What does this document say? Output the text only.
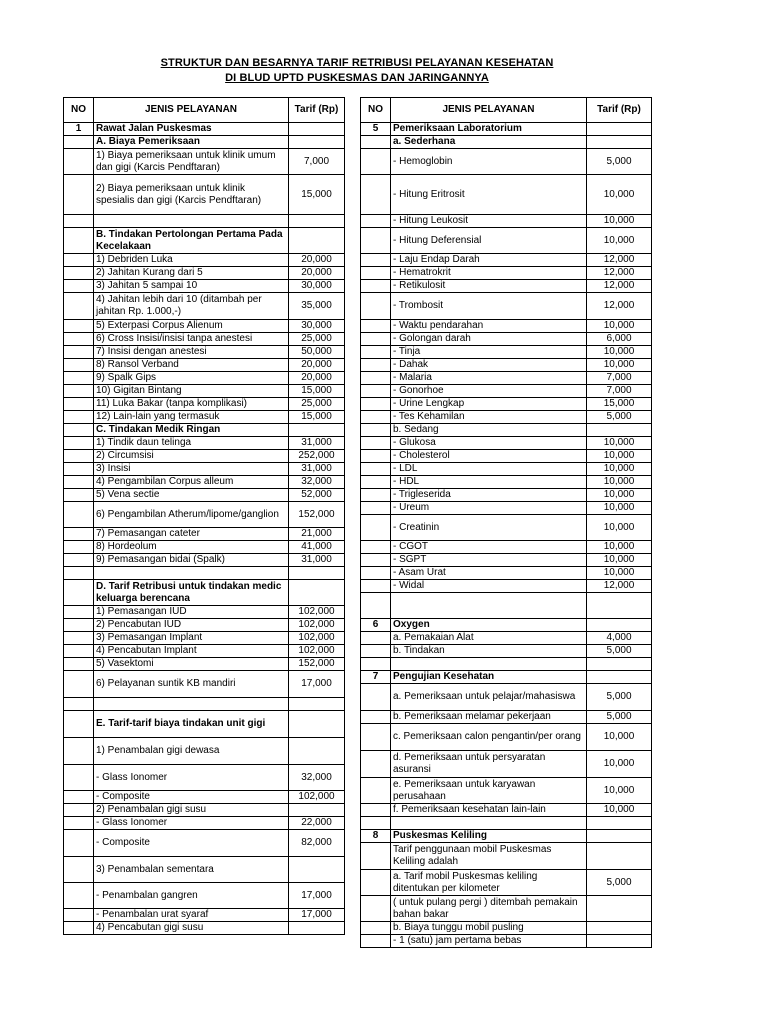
STRUKTUR DAN BESARNYA TARIF RETRIBUSI PELAYANAN KESEHATAN
DI BLUD UPTD PUSKESMAS DAN JARINGANNYA
NO	JENIS PELAYANAN	Tarif (Rp)
1	Rawat Jalan Puskesmas	
	A. Biaya Pemeriksaan	
	1) Biaya pemeriksaan untuk klinik umum dan gigi (Karcis Pendftaran)	7,000
	2) Biaya pemeriksaan untuk klinik spesialis dan gigi (Karcis Pendftaran)	15,000

	B. Tindakan Pertolongan Pertama Pada Kecelakaan	
	1) Debriden Luka	20,000
	2) Jahitan Kurang dari 5	20,000
	3) Jahitan 5 sampai 10	30,000
	4) Jahitan lebih dari 10 (ditambah per jahitan Rp. 1.000,-)	35,000
	5) Exterpasi Corpus Alienum	30,000
	6) Cross Insisi/insisi tanpa anestesi	25,000
	7) Insisi dengan anestesi	50,000
	8) Ransol Verband	20,000
	9) Spalk Gips	20,000
	10) Gigitan Bintang	15,000
	11) Luka Bakar (tanpa komplikasi)	25,000
	12) Lain-lain yang termasuk	15,000
	C. Tindakan Medik Ringan	
	1) Tindik daun telinga	31,000
	2) Circumsisi	252,000
	3) Insisi	31,000
	4) Pengambilan Corpus alleum	32,000
	5) Vena sectie	52,000
	6) Pengambilan Atherum/lipome/ganglion	152,000
	7) Pemasangan cateter	21,000
	8) Hordeolum	41,000
	9) Pemasangan bidai (Spalk)	31,000

	D. Tarif Retribusi untuk tindakan medic keluarga berencana	
	1) Pemasangan IUD	102,000
	2) Pencabutan IUD	102,000
	3) Pemasangan Implant	102,000
	4) Pencabutan Implant	102,000
	5) Vasektomi	152,000
	6) Pelayanan suntik KB mandiri	17,000

	E. Tarif-tarif biaya tindakan unit gigi	
	1) Penambalan gigi dewasa	
	- Glass Ionomer	32,000
	- Composite	102,000
	2) Penambalan gigi susu	
	- Glass Ionomer	22,000
	- Composite	82,000
	3) Penambalan sementara	
	- Penambalan gangren	17,000
	- Penambalan urat syaraf	17,000
	4) Pencabutan gigi susu	
NO	JENIS PELAYANAN	Tarif (Rp)
5	Pemeriksaan Laboratorium	
	a. Sederhana	
	- Hemoglobin	5,000
	- Hitung Eritrosit	10,000
	- Hitung Leukosit	10,000
	- Hitung Deferensial	10,000
	- Laju Endap Darah	12,000
	- Hematrokrit	12,000
	- Retikulosit	12,000
	- Trombosit	12,000
	- Waktu pendarahan	10,000
	- Golongan darah	6,000
	- Tinja	10,000
	- Dahak	10,000
	- Malaria	7,000
	- Gonorhoe	7,000
	- Urine Lengkap	15,000
	- Tes Kehamilan	5,000
	b. Sedang	
	- Glukosa	10,000
	- Cholesterol	10,000
	- LDL	10,000
	- HDL	10,000
	- Trigleserida	10,000
	- Ureum	10,000
	- Creatinin	10,000
	- CGOT	10,000
	- SGPT	10,000
	- Asam Urat	10,000
	- Widal	12,000

6	Oxygen	
	a. Pemakaian Alat	4,000
	b. Tindakan	5,000

7	Pengujian Kesehatan	
	a. Pemeriksaan untuk pelajar/mahasiswa	5,000
	b. Pemeriksaan melamar pekerjaan	5,000
	c. Pemeriksaan calon pengantin/per orang	10,000
	d. Pemeriksaan untuk persyaratan asuransi	10,000
	e. Pemeriksaan untuk karyawan perusahaan	10,000
	f. Pemeriksaan kesehatan lain-lain	10,000

8	Puskesmas Keliling	
	Tarif penggunaan mobil Puskesmas Keliling adalah	
	a. Tarif mobil Puskesmas keliling ditentukan per kilometer	5,000
	( untuk pulang pergi ) ditembah pemakain bahan bakar	
	b. Biaya tunggu mobil pusling	
	- 1 (satu) jam pertama bebas	
